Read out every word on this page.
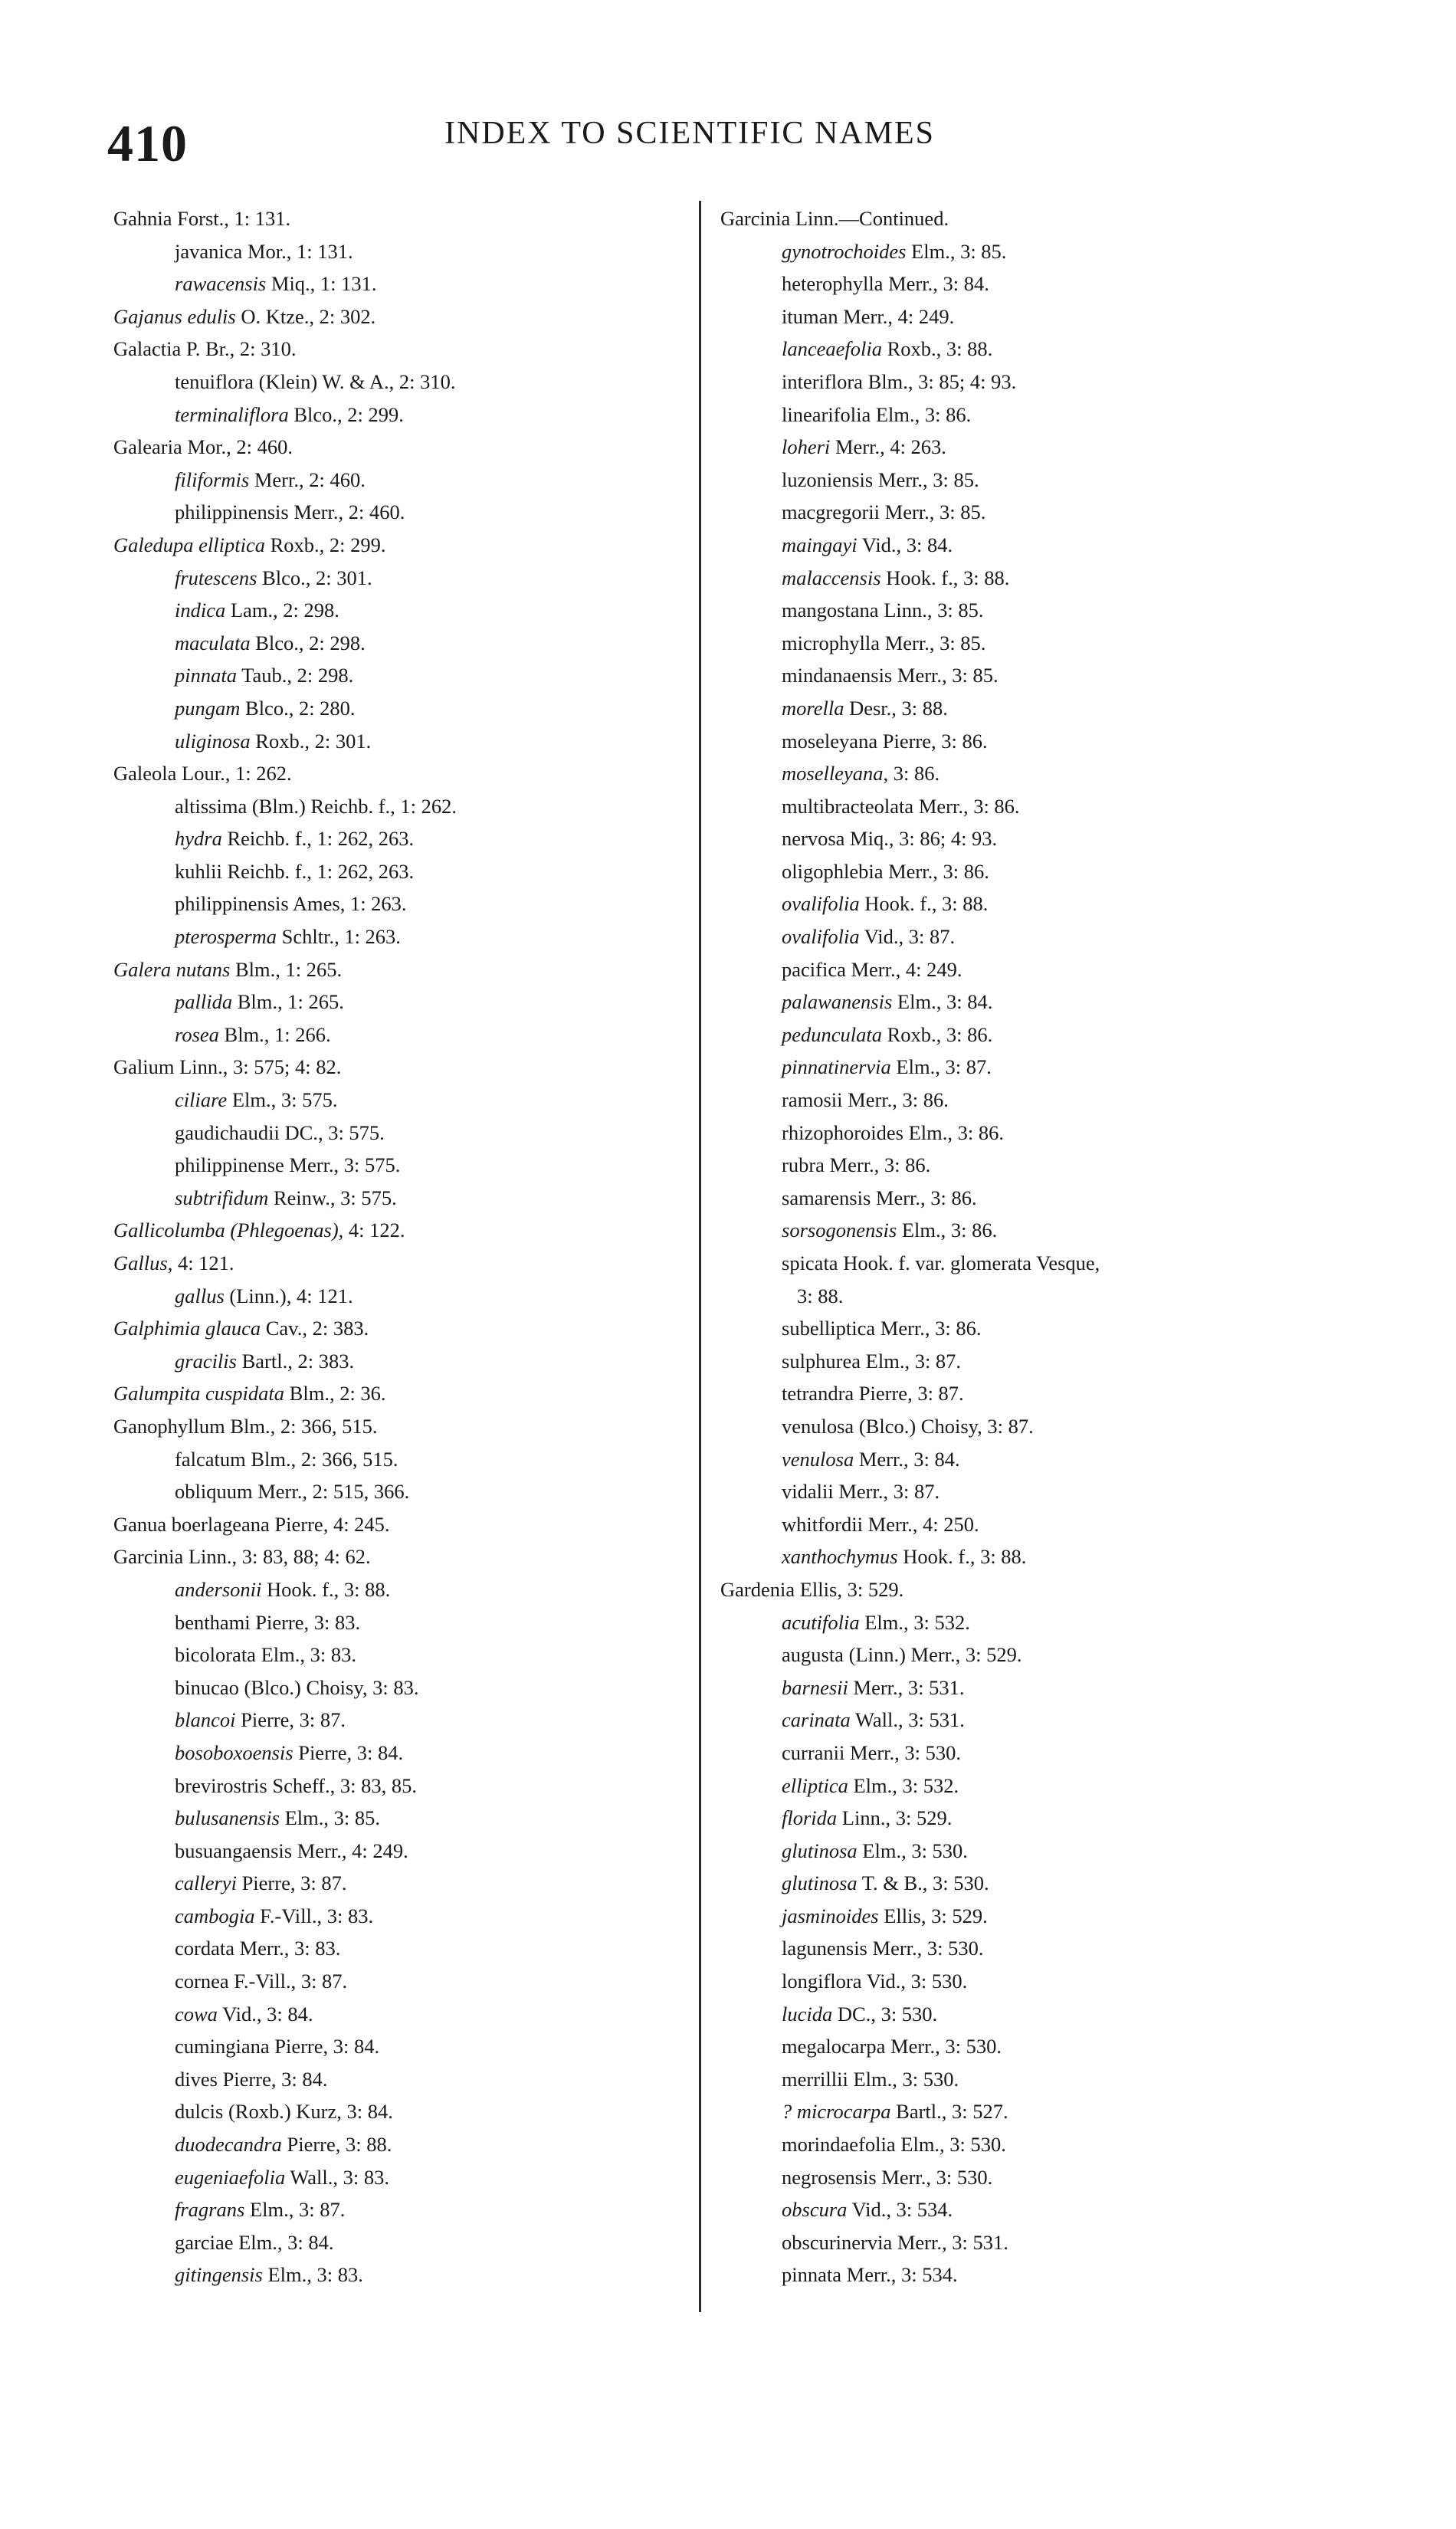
410	INDEX TO SCIENTIFIC NAMES
Gahnia Forst., 1: 131.
javanica Mor., 1: 131.
rawacensis Miq., 1: 131.
Gajanus edulis O. Ktze., 2: 302.
Galactia P. Br., 2: 310.
tenuiflora (Klein) W. & A., 2: 310.
terminaliflora Blco., 2: 299.
Galearia Mor., 2: 460.
filiformis Merr., 2: 460.
philippinensis Merr., 2: 460.
Galedupa elliptica Roxb., 2: 299.
frutescens Blco., 2: 301.
indica Lam., 2: 298.
maculata Blco., 2: 298.
pinnata Taub., 2: 298.
pungam Blco., 2: 280.
uliginosa Roxb., 2: 301.
Galeola Lour., 1: 262.
altissima (Blm.) Reichb. f., 1: 262.
hydra Reichb. f., 1: 262, 263.
kuhlii Reichb. f., 1: 262, 263.
philippinensis Ames, 1: 263.
pterosperma Schltr., 1: 263.
Galera nutans Blm., 1: 265.
pallida Blm., 1: 265.
rosea Blm., 1: 266.
Galium Linn., 3: 575; 4: 82.
ciliare Elm., 3: 575.
gaudichaudii DC., 3: 575.
philippinense Merr., 3: 575.
subtrifidum Reinw., 3: 575.
Gallicolumba (Phlegoenas), 4: 122.
Gallus, 4: 121.
gallus (Linn.), 4: 121.
Galphimia glauca Cav., 2: 383.
gracilis Bartl., 2: 383.
Galumpita cuspidata Blm., 2: 36.
Ganophyllum Blm., 2: 366, 515.
falcatum Blm., 2: 366, 515.
obliquum Merr., 2: 515, 366.
Ganua boerlageana Pierre, 4: 245.
Garcinia Linn., 3: 83, 88; 4: 62.
andersonii Hook. f., 3: 88.
benthami Pierre, 3: 83.
bicolorata Elm., 3: 83.
binucao (Blco.) Choisy, 3: 83.
blancoi Pierre, 3: 87.
bosoboxoensis Pierre, 3: 84.
brevirostris Scheff., 3: 83, 85.
bulusanensis Elm., 3: 85.
busuangaensis Merr., 4: 249.
calleryi Pierre, 3: 87.
cambogia F.-Vill., 3: 83.
cordata Merr., 3: 83.
cornea F.-Vill., 3: 87.
cowa Vid., 3: 84.
cumingiana Pierre, 3: 84.
dives Pierre, 3: 84.
dulcis (Roxb.) Kurz, 3: 84.
duodecandra Pierre, 3: 88.
eugeniaefolia Wall., 3: 83.
fragrans Elm., 3: 87.
garciae Elm., 3: 84.
gitingensis Elm., 3: 83.
Garcinia Linn.—Continued.
gynotrochoides Elm., 3: 85.
heterophylla Merr., 3: 84.
ituman Merr., 4: 249.
lanceaefolia Roxb., 3: 88.
interiflora Blm., 3: 85; 4: 93.
linearifolia Elm., 3: 86.
loheri Merr., 4: 263.
luzoniensis Merr., 3: 85.
macgregorii Merr., 3: 85.
maingayi Vid., 3: 84.
malaccensis Hook. f., 3: 88.
mangostana Linn., 3: 85.
microphylla Merr., 3: 85.
mindanaensis Merr., 3: 85.
morella Desr., 3: 88.
moseleyana Pierre, 3: 86.
moselleyana, 3: 86.
multibracteolata Merr., 3: 86.
nervosa Miq., 3: 86; 4: 93.
oligophlebia Merr., 3: 86.
ovalifolia Hook. f., 3: 88.
ovalifolia Vid., 3: 87.
pacifica Merr., 4: 249.
palawanensis Elm., 3: 84.
pedunculata Roxb., 3: 86.
pinnatinervia Elm., 3: 87.
ramosii Merr., 3: 86.
rhizophoroides Elm., 3: 86.
rubra Merr., 3: 86.
samarensis Merr., 3: 86.
sorsogonensis Elm., 3: 86.
spicata Hook. f. var. glomerata Vesque,
3: 88.
subelliptica Merr., 3: 86.
sulphurea Elm., 3: 87.
tetrandra Pierre, 3: 87.
venulosa (Blco.) Choisy, 3: 87.
venulosa Merr., 3: 84.
vidalii Merr., 3: 87.
whitfordii Merr., 4: 250.
xanthochymus Hook. f., 3: 88.
Gardenia Ellis, 3: 529.
acutifolia Elm., 3: 532.
augusta (Linn.) Merr., 3: 529.
barnesii Merr., 3: 531.
carinata Wall., 3: 531.
curranii Merr., 3: 530.
elliptica Elm., 3: 532.
florida Linn., 3: 529.
glutinosa Elm., 3: 530.
glutinosa T. & B., 3: 530.
jasminoides Ellis, 3: 529.
lagunensis Merr., 3: 530.
longiflora Vid., 3: 530.
lucida DC., 3: 530.
megalocarpa Merr., 3: 530.
merrillii Elm., 3: 530.
? microcarpa Bartl., 3: 527.
morindaefolia Elm., 3: 530.
negrosensis Merr., 3: 530.
obscura Vid., 3: 534.
obscurinervia Merr., 3: 531.
pinnata Merr., 3: 534.
